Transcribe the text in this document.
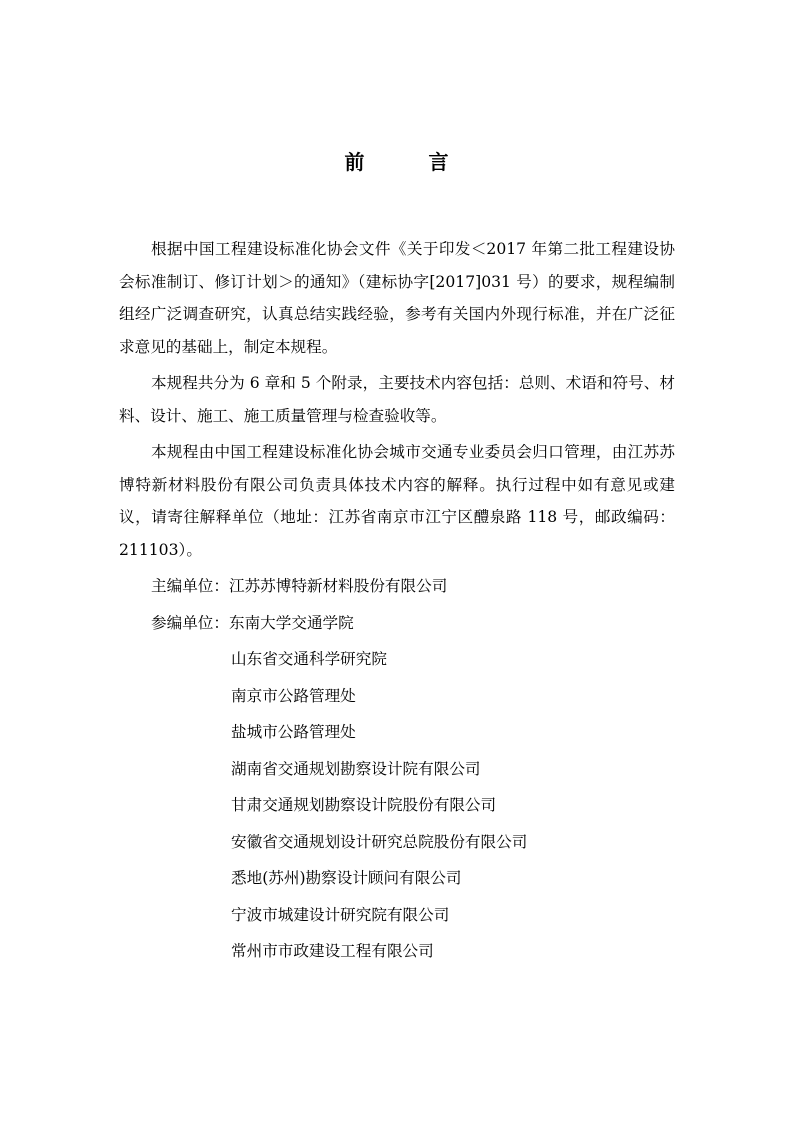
前　言

根据中国工程建设标准化协会文件《关于印发＜2017 年第二批工程建设协会标准制订、修订计划＞的通知》（建标协字[2017]031 号）的要求，规程编制组经广泛调查研究，认真总结实践经验，参考有关国内外现行标准，并在广泛征求意见的基础上，制定本规程。

本规程共分为 6 章和 5 个附录，主要技术内容包括：总则、术语和符号、材料、设计、施工、施工质量管理与检查验收等。

本规程由中国工程建设标准化协会城市交通专业委员会归口管理，由江苏苏博特新材料股份有限公司负责具体技术内容的解释。执行过程中如有意见或建议，请寄往解释单位（地址：江苏省南京市江宁区醴泉路 118 号，邮政编码：211103）。

主编单位：江苏苏博特新材料股份有限公司

参编单位：东南大学交通学院

山东省交通科学研究院
南京市公路管理处
盐城市公路管理处
湖南省交通规划勘察设计院有限公司
甘肃交通规划勘察设计院股份有限公司
安徽省交通规划设计研究总院股份有限公司
悉地(苏州)勘察设计顾问有限公司
宁波市城建设计研究院有限公司
常州市市政建设工程有限公司
